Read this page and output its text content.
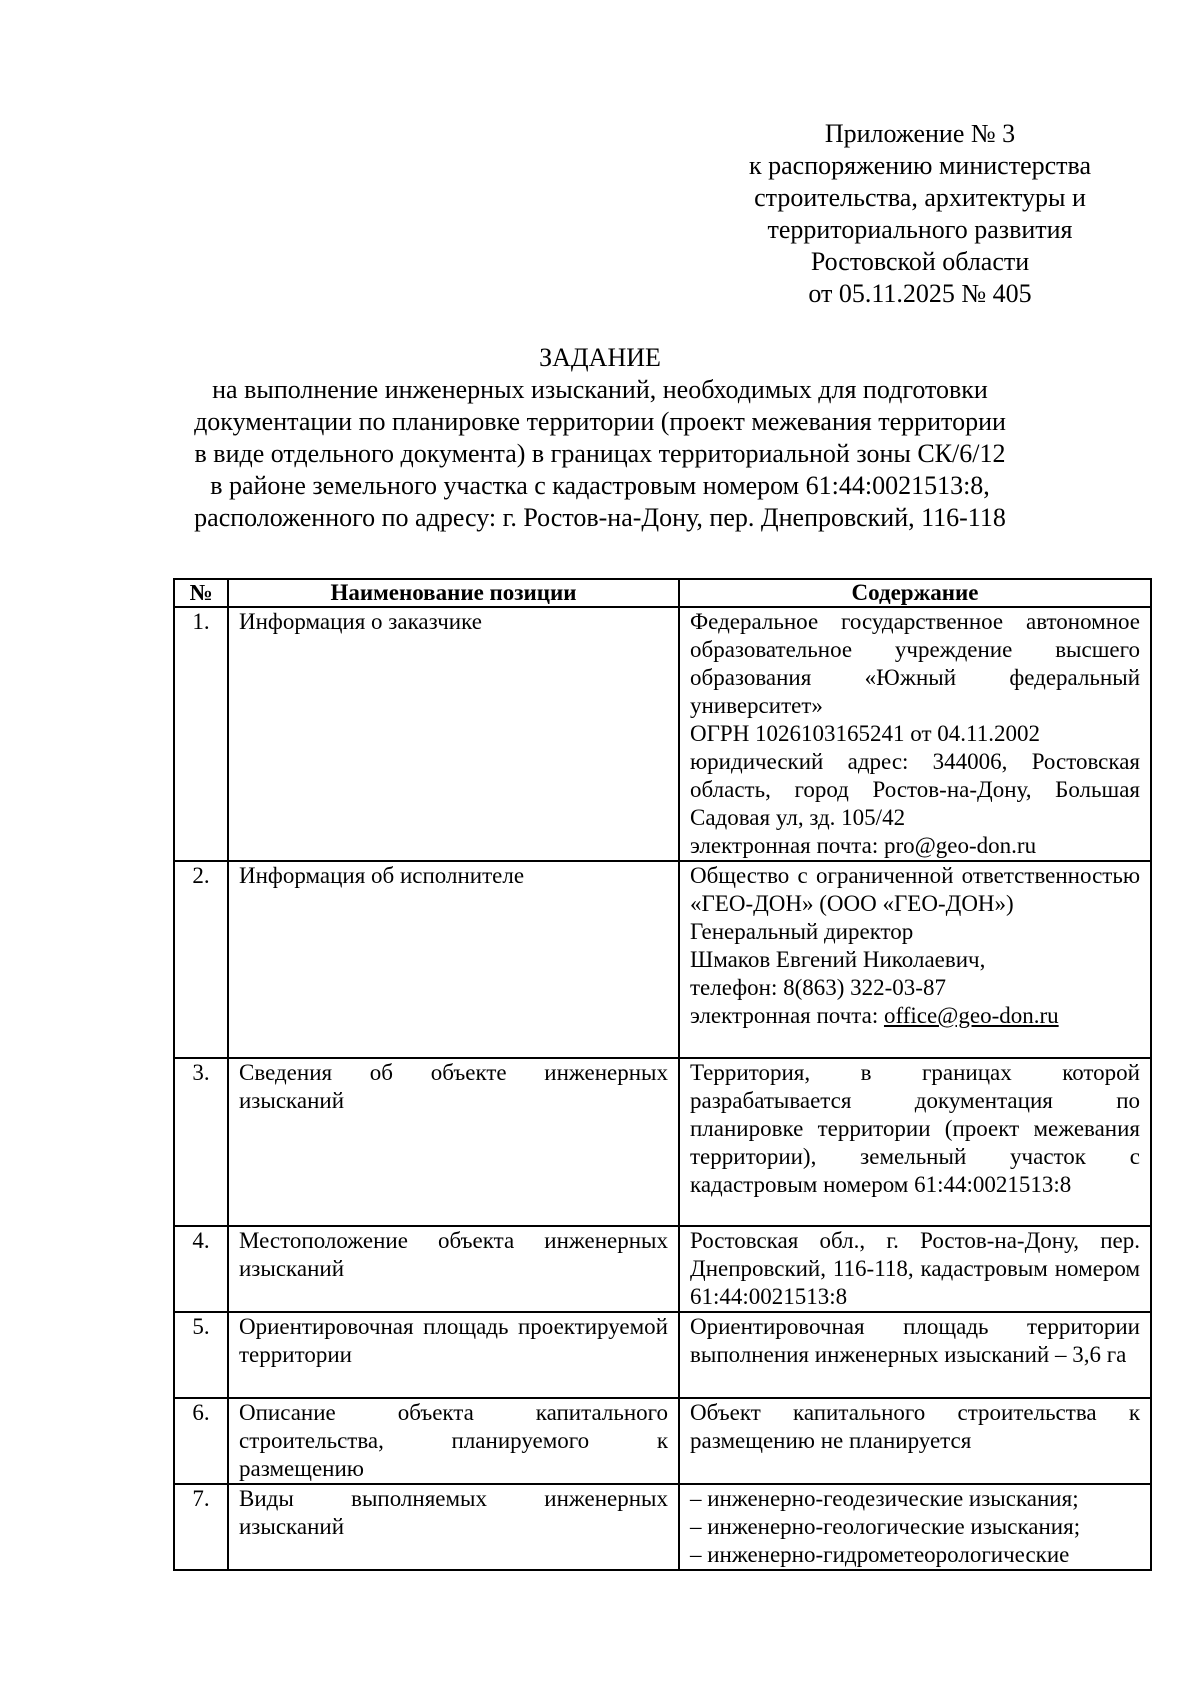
Приложение № 3
к распоряжению министерства
строительства, архитектуры и
территориального развития
Ростовской области
от 05.11.2025 № 405
ЗАДАНИЕ
на выполнение инженерных изысканий, необходимых для подготовки
документации по планировке территории (проект межевания территории
в виде отдельного документа) в границах территориальной зоны СК/6/12
в районе земельного участка с кадастровым номером 61:44:0021513:8,
расположенного по адресу: г. Ростов-на-Дону, пер. Днепровский, 116-118
№	Наименование позиции	Содержание
1.	Информация о заказчике	Федеральное государственное автономное образовательное учреждение высшего образования «Южный федеральный университет»
ОГРН 1026103165241 от 04.11.2002
юридический адрес: 344006, Ростовская область, город Ростов-на-Дону, Большая Садовая ул, зд. 105/42
электронная почта: pro@geo-don.ru

2.	Информация об исполнителе	Общество с ограниченной ответственностью «ГЕО-ДОН» (ООО «ГЕО-ДОН»)
Генеральный директор
Шмаков Евгений Николаевич,
телефон: 8(863) 322-03-87
электронная почта: office@geo-don.ru

3.	Сведения об объекте инженерных изысканий	Территория, в границах которой разрабатывается документация по планировке территории (проект межевания территории), земельный участок с кадастровым номером 61:44:0021513:8
4.	Местоположение объекта инженерных изысканий	Ростовская обл., г. Ростов-на-Дону, пер. Днепровский, 116-118, кадастровым номером 61:44:0021513:8
5.	Ориентировочная площадь проектируемой территории	Ориентировочная площадь территории выполнения инженерных изысканий – 3,6 га
6.	Описание объекта капитального строительства, планируемого к размещению	Объект капитального строительства к размещению не планируется
7.	Виды выполняемых инженерных изысканий	– инженерно-геодезические изыскания;
– инженерно-геологические изыскания;
– инженерно-гидрометеорологические
